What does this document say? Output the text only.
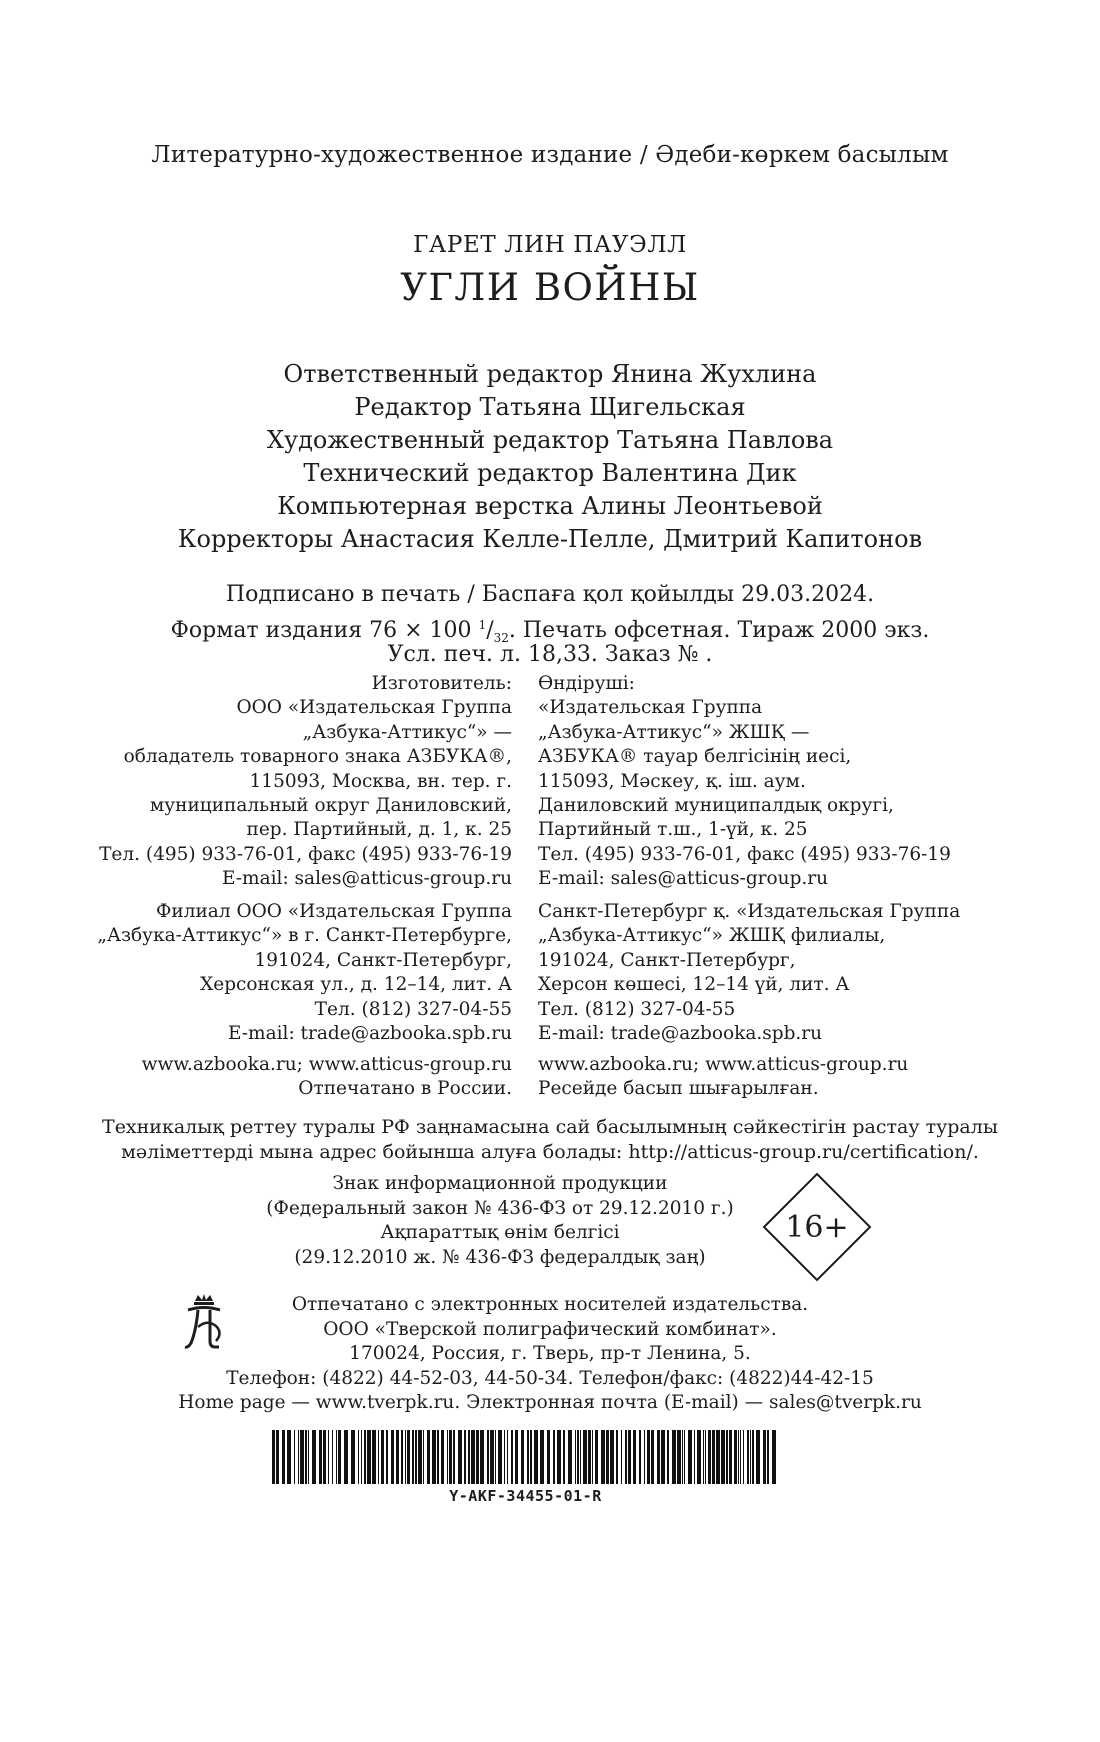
Литературно-художественное издание / Әдеби-көркем басылым
ГАРЕТ ЛИН ПАУЭЛЛ
УГЛИ ВОЙНЫ
Ответственный редактор Янина Жухлина
Редактор Татьяна Щигельская
Художественный редактор Татьяна Павлова
Технический редактор Валентина Дик
Компьютерная верстка Алины Леонтьевой
Корректоры Анастасия Келле-Пелле, Дмитрий Капитонов
Подписано в печать / Баспаға қол қойылды 29.03.2024.
Формат издания 76 × 100 $^1/_{32}$. Печать офсетная. Тираж 2000 экз.
Усл. печ. л. 18,33. Заказ № .
Изготовитель:
ООО «Издательская Группа
„Азбука-Аттикус“» —
обладатель товарного знака АЗБУКА®,
115093, Москва, вн. тер. г.
муниципальный округ Даниловский,
пер. Партийный, д. 1, к. 25
Тел. (495) 933-76-01, факс (495) 933-76-19
E-mail: sales@atticus-group.ru
Өндіруші:
«Издательская Группа
„Азбука-Аттикус“» ЖШҚ —
АЗБУКА® тауар белгісінің иесі,
115093, Мәскеу, қ. іш. аум.
Даниловский муниципалдық округі,
Партийный т.ш., 1-үй, к. 25
Тел. (495) 933-76-01, факс (495) 933-76-19
E-mail: sales@atticus-group.ru
Филиал ООО «Издательская Группа
„Азбука-Аттикус“» в г. Санкт-Петербурге,
191024, Санкт-Петербург,
Херсонская ул., д. 12–14, лит. А
Тел. (812) 327-04-55
E-mail: trade@azbooka.spb.ru
Санкт-Петербург қ. «Издательская Группа
„Азбука-Аттикус“» ЖШҚ филиалы,
191024, Санкт-Петербург,
Херсон көшесі, 12–14 үй, лит. А
Тел. (812) 327-04-55
E-mail: trade@azbooka.spb.ru
www.azbooka.ru; www.atticus-group.ru
Отпечатано в России.
www.azbooka.ru; www.atticus-group.ru
Ресейде басып шығарылған.
Техникалық реттеу туралы РФ заңнамасына сай басылымның сәйкестігін растау туралы
мәліметтерді мына адрес бойынша алуға болады: http://atticus-group.ru/certification/.
Знак информационной продукции
(Федеральный закон № 436-ФЗ от 29.12.2010 г.)
Ақпараттық өнім белгісі
(29.12.2010 ж. № 436-ФЗ федералдық заң)
16+
Отпечатано с электронных носителей издательства.
ООО «Тверской полиграфический комбинат».
170024, Россия, г. Тверь, пр-т Ленина, 5.
Телефон: (4822) 44-52-03, 44-50-34. Телефон/факс: (4822)44-42-15
Home page — www.tverpk.ru. Электронная почта (E-mail) — sales@tverpk.ru
Y-AKF-34455-01-R
